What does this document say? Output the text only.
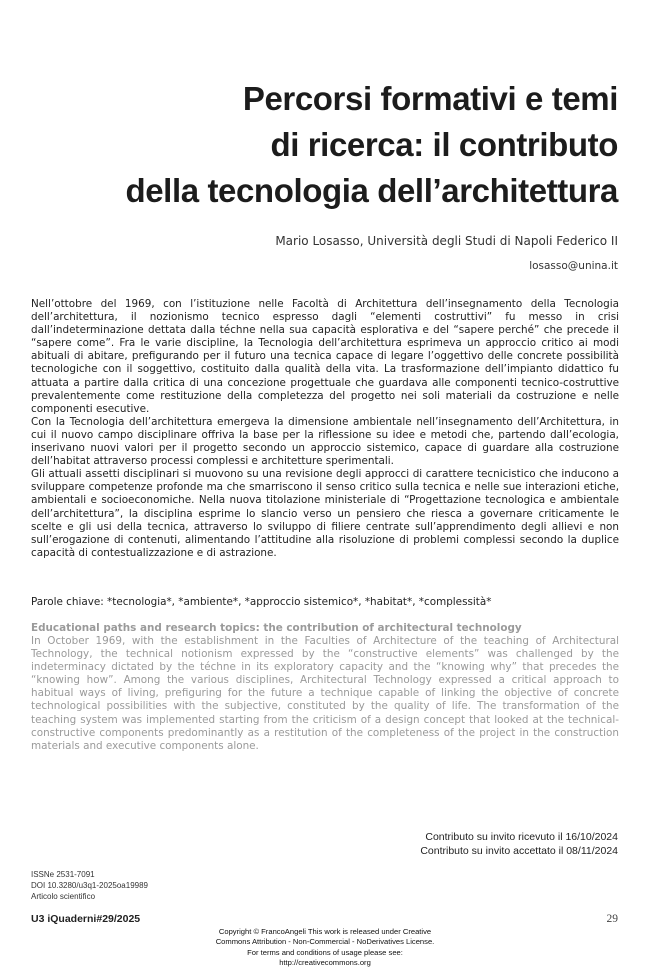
Percorsi formativi e temi
di ricerca: il contributo
della tecnologia dell’architettura
Mario Losasso, Università degli Studi di Napoli Federico II
losasso@unina.it

Nell’ottobre del 1969, con l’istituzione nelle Facoltà di Architettura dell’insegnamento della Tecnologia dell’architettura, il nozionismo tecnico espresso dagli “elementi costruttivi” fu messo in crisi dall’indeterminazione dettata dalla téchne nella sua capacità esplorativa e del “sapere perché” che precede il “sapere come”. Fra le varie discipline, la Tecnologia dell’architettura esprimeva un approccio critico ai modi abituali di abitare, prefigurando per il futuro una tecnica capace di legare l’oggettivo delle concrete possibilità tecnologiche con il soggettivo, costituito dalla qualità della vita. La trasformazione dell’impianto didattico fu attuata a partire dalla critica di una concezione progettuale che guardava alle componenti tecnico-costruttive prevalentemente come restituzione della completezza del progetto nei soli materiali da costruzione e nelle componenti esecutive.

Con la Tecnologia dell’architettura emergeva la dimensione ambientale nell’insegnamento dell’Architettura, in cui il nuovo campo disciplinare offriva la base per la riflessione su idee e metodi che, partendo dall’ecologia, inserivano nuovi valori per il progetto secondo un approccio sistemico, capace di guardare alla costruzione dell’habitat attraverso processi complessi e architetture sperimentali.

Gli attuali assetti disciplinari si muovono su una revisione degli approcci di carattere tecnicistico che inducono a sviluppare competenze profonde ma che smarriscono il senso critico sulla tecnica e nelle sue interazioni etiche, ambientali e socioeconomiche. Nella nuova titolazione ministeriale di “Progettazione tecnologica e ambientale dell’architettura”, la disciplina esprime lo slancio verso un pensiero che riesca a governare criticamente le scelte e gli usi della tecnica, attraverso lo sviluppo di filiere centrate sull’apprendimento degli allievi e non sull’erogazione di contenuti, alimentando l’attitudine alla risoluzione di problemi complessi secondo la duplice capacità di contestualizzazione e di astrazione.

Parole chiave: *tecnologia*, *ambiente*, *approccio sistemico*, *habitat*, *complessità*

Educational paths and research topics: the contribution of architectural technology

In October 1969, with the establishment in the Faculties of Architecture of the teaching of Architectural Technology, the technical notionism expressed by the “constructive elements” was challenged by the indeterminacy dictated by the téchne in its exploratory capacity and the “knowing why” that precedes the “knowing how”. Among the various disciplines, Architectural Technology expressed a critical approach to habitual ways of living, prefiguring for the future a technique capable of linking the objective of concrete technological possibilities with the subjective, constituted by the quality of life. The transformation of the teaching system was implemented starting from the criticism of a design concept that looked at the technical-constructive components predominantly as a restitution of the completeness of the project in the construction materials and executive components alone.

Contributo su invito ricevuto il 16/10/2024
Contributo su invito accettato il 08/11/2024
ISSNe 2531-7091
DOI 10.3280/u3q1-2025oa19989
Articolo scientifico
U3 iQuaderni#29/2025	29
Copyright © FrancoAngeli This work is released under Creative
Commons Attribution - Non-Commercial - NoDerivatives License.
For terms and conditions of usage please see:
http://creativecommons.org
